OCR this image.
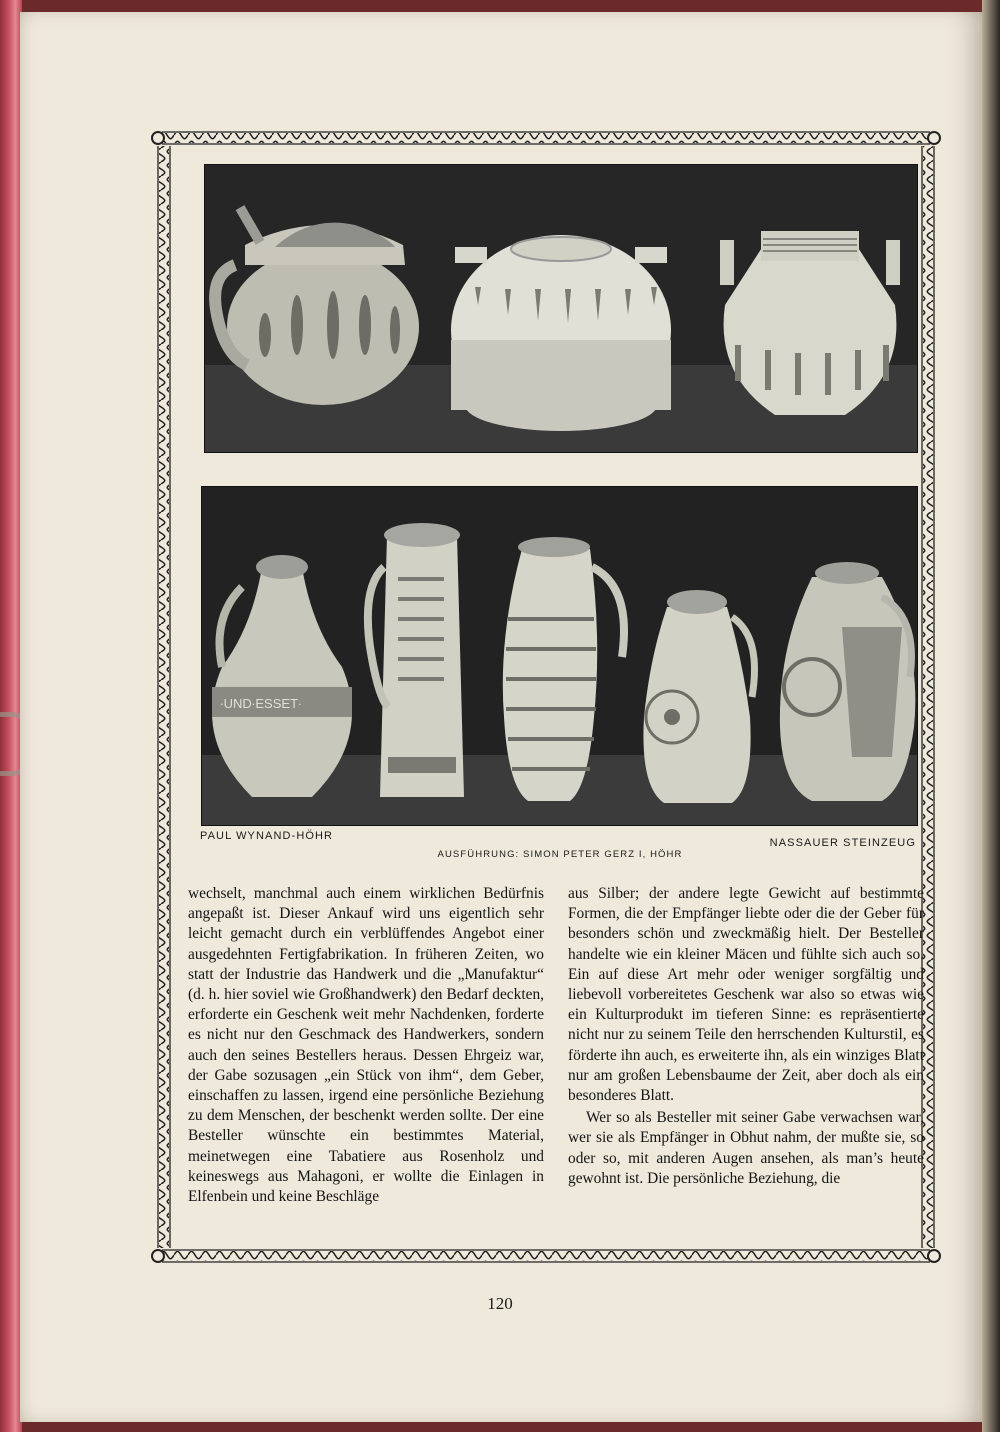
∙UND∙ESSET∙
PAUL WYNAND-HÖHR
AUSFÜHRUNG: SIMON PETER GERZ I, HÖHR
NASSAUER STEINZEUG

wechselt, manchmal auch einem wirklichen Bedürfnis angepaßt ist. Dieser Ankauf wird uns eigentlich sehr leicht gemacht durch ein verblüffendes Angebot einer ausgedehnten Fertigfabrikation. In früheren Zeiten, wo statt der Industrie das Handwerk und die „Manufaktur“ (d. h. hier soviel wie Großhandwerk) den Bedarf deckten, erforderte ein Geschenk weit mehr Nachdenken, forderte es nicht nur den Geschmack des Handwerkers, sondern auch den seines Bestellers heraus. Dessen Ehrgeiz war, der Gabe sozusagen „ein Stück von ihm“, dem Geber, einschaffen zu lassen, irgend eine persönliche Beziehung zu dem Menschen, der beschenkt werden sollte. Der eine Besteller wünschte ein bestimmtes Material, meinetwegen eine Tabatiere aus Rosenholz und keineswegs aus Mahagoni, er wollte die Einlagen in Elfenbein und keine Beschläge

aus Silber; der andere legte Gewicht auf bestimmte Formen, die der Empfänger liebte oder die der Geber für besonders schön und zweckmäßig hielt. Der Besteller handelte wie ein kleiner Mäcen und fühlte sich auch so. Ein auf diese Art mehr oder weniger sorgfältig und liebevoll vorbereitetes Geschenk war also so etwas wie ein Kulturprodukt im tieferen Sinne: es repräsentierte nicht nur zu seinem Teile den herrschenden Kulturstil, es förderte ihn auch, es erweiterte ihn, als ein winziges Blatt nur am großen Lebensbaume der Zeit, aber doch als ein besonderes Blatt.

Wer so als Besteller mit seiner Gabe verwachsen war, wer sie als Empfänger in Obhut nahm, der mußte sie, so oder so, mit anderen Augen ansehen, als man’s heute gewohnt ist. Die persönliche Beziehung, die

120
